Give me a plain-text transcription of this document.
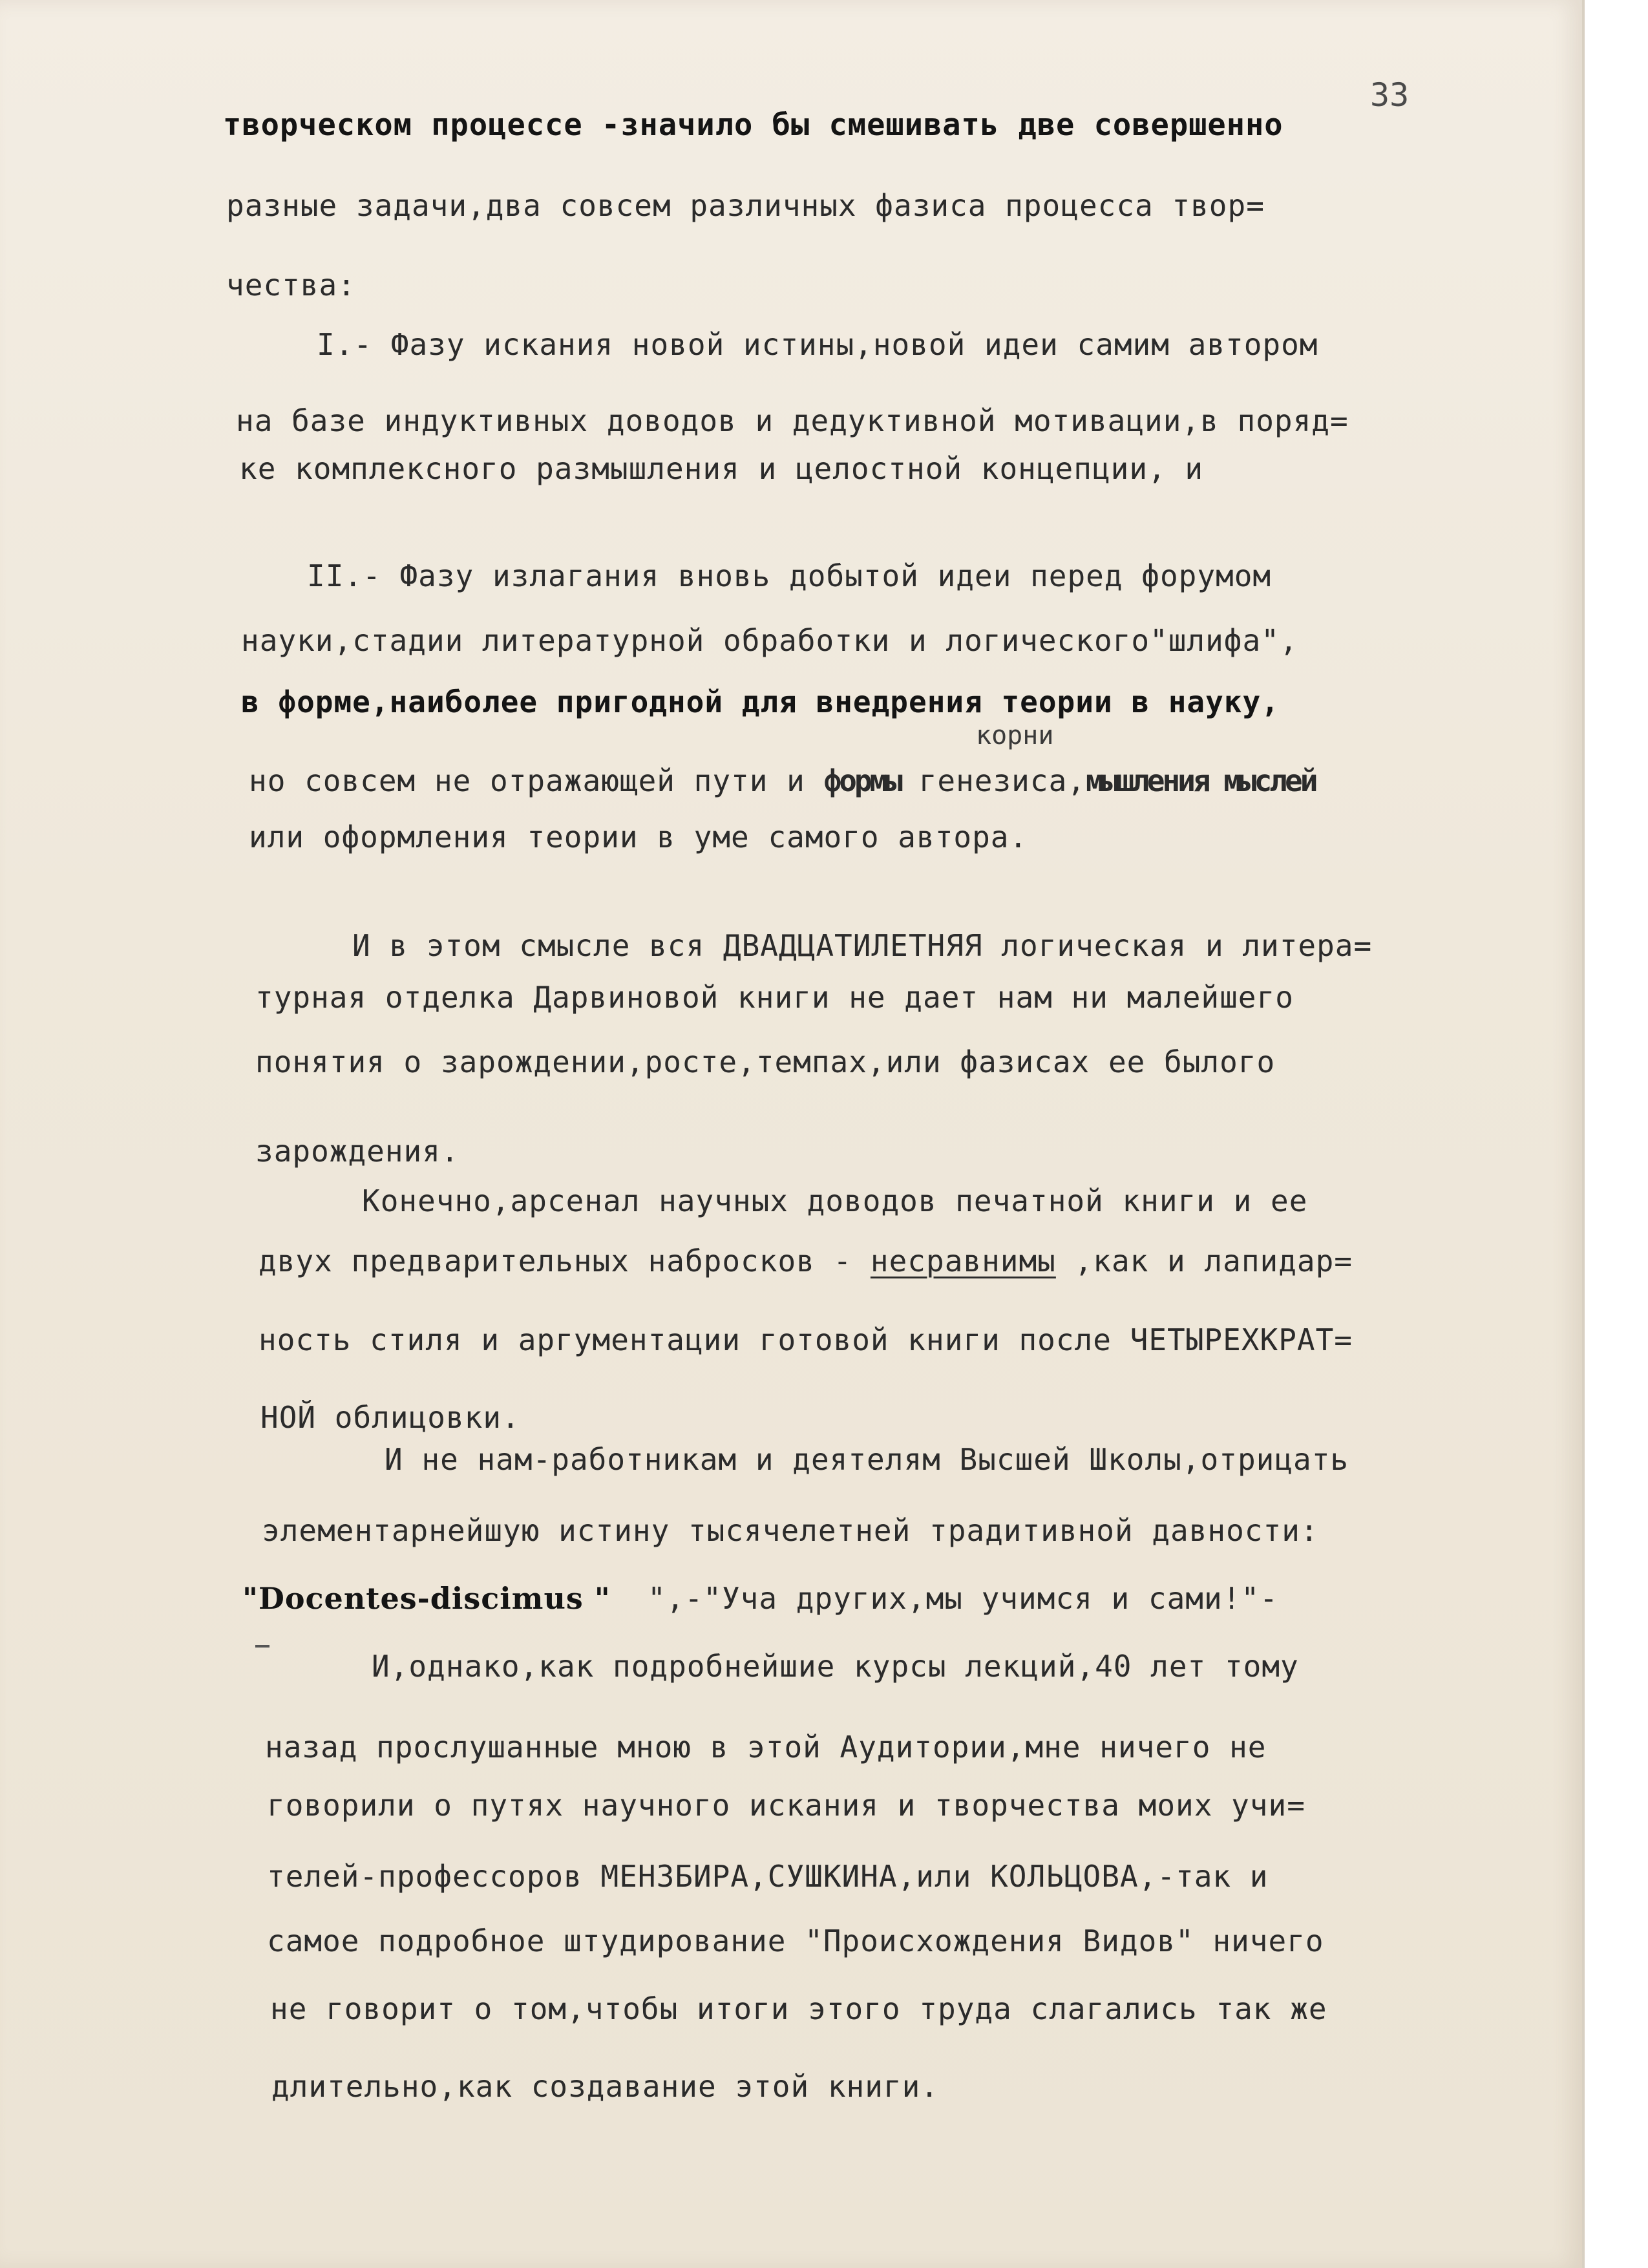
33

творческом процессе -значило бы смешивать две совершенно

разные задачи,два совсем различных фазиса процесса твор=

чества:

I.- Фазу искания новой истины,новой идеи самим автором

на базе индуктивных доводов и дедуктивной мотивации,в поряд=

ке комплексного размышления и целостной концепции, и

II.- Фазу излагания вновь добытой идеи перед форумом

науки,стадии литературной обработки и логического"шлифа",

в форме,наиболее пригодной для внедрения теории в науку,

корни

но совсем не отражающей пути и формы генезиса,мышления мыслей

или оформления теории в уме самого автора.

И в этом смысле вся ДВАДЦАТИЛЕТНЯЯ логическая и литера=

турная отделка Дарвиновой книги не дает нам ни малейшего

понятия о зарождении,росте,темпах,или фазисах ее былого

зарождения.

Конечно,арсенал научных доводов печатной книги и ее

двух предварительных набросков - несравнимы ,как и лапидар=

ность стиля и аргументации готовой книги после ЧЕТЫРЕХКРАТ=

НОЙ облицовки.

И не нам-работникам и деятелям Высшей Школы,отрицать

элементарнейшую истину тысячелетней традитивной давности:

"Docentes-discimus "  ",-"Уча других,мы учимся и сами!"-

И,однако,как подробнейшие курсы лекций,40 лет тому

назад прослушанные мною в этой Аудитории,мне ничего не

говорили о путях научного искания и творчества моих учи=

телей-профессоров МЕНЗБИРА,СУШКИНА,или КОЛЬЦОВА,-так и

самое подробное штудирование "Происхождения Видов" ничего

не говорит о том,чтобы итоги этого труда слагались так же

длительно,как создавание этой книги.
